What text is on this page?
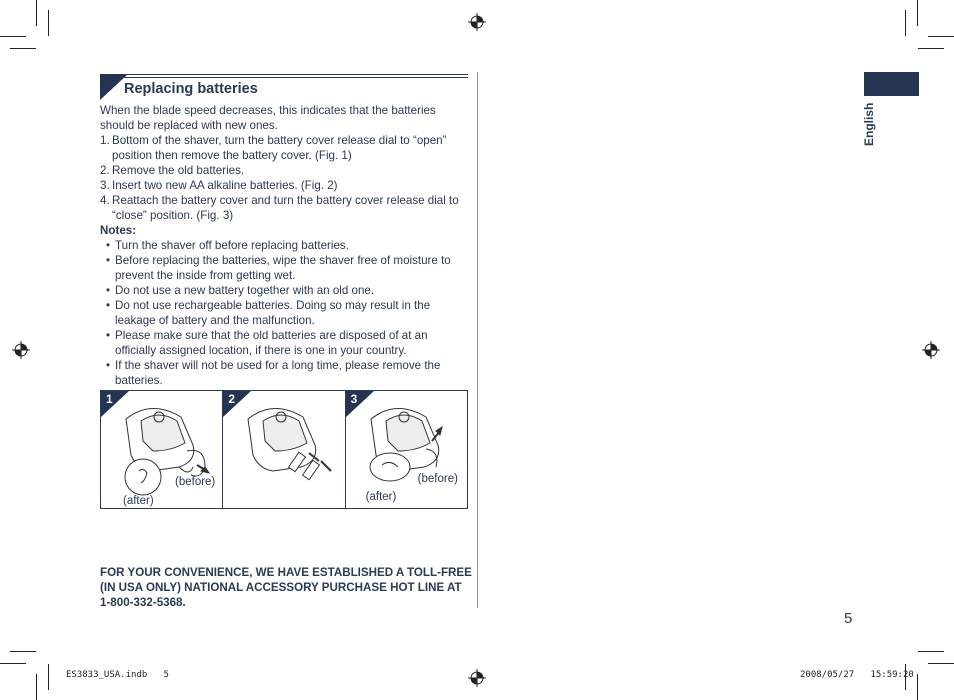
Replacing batteries

When the blade speed decreases, this indicates that the batteries should be replaced with new ones.

1. Bottom of the shaver, turn the battery cover release dial to “open” position then remove the battery cover. (Fig. 1)
2. Remove the old batteries.
3. Insert two new AA alkaline batteries. (Fig. 2)
4. Reattach the battery cover and turn the battery cover release dial to “close” position. (Fig. 3)

Notes:

• Turn the shaver off before replacing batteries.
• Before replacing the batteries, wipe the shaver free of moisture to prevent the inside from getting wet.
• Do not use a new battery together with an old one.
• Do not use rechargeable batteries. Doing so may result in the leakage of battery and the malfunction.
• Please make sure that the old batteries are disposed of at an officially assigned location, if there is one in your country.
• If the shaver will not be used for a long time, please remove the batteries.
1
(before)
(after)
2	3
(before)
(after)
FOR YOUR CONVENIENCE, WE HAVE ESTABLISHED A TOLL-FREE (IN USA ONLY) NATIONAL ACCESSORY PURCHASE HOT LINE AT 1-800-332-5368.
English
5
ES3833_USA.indb   5	2008/05/27   15:59:20
